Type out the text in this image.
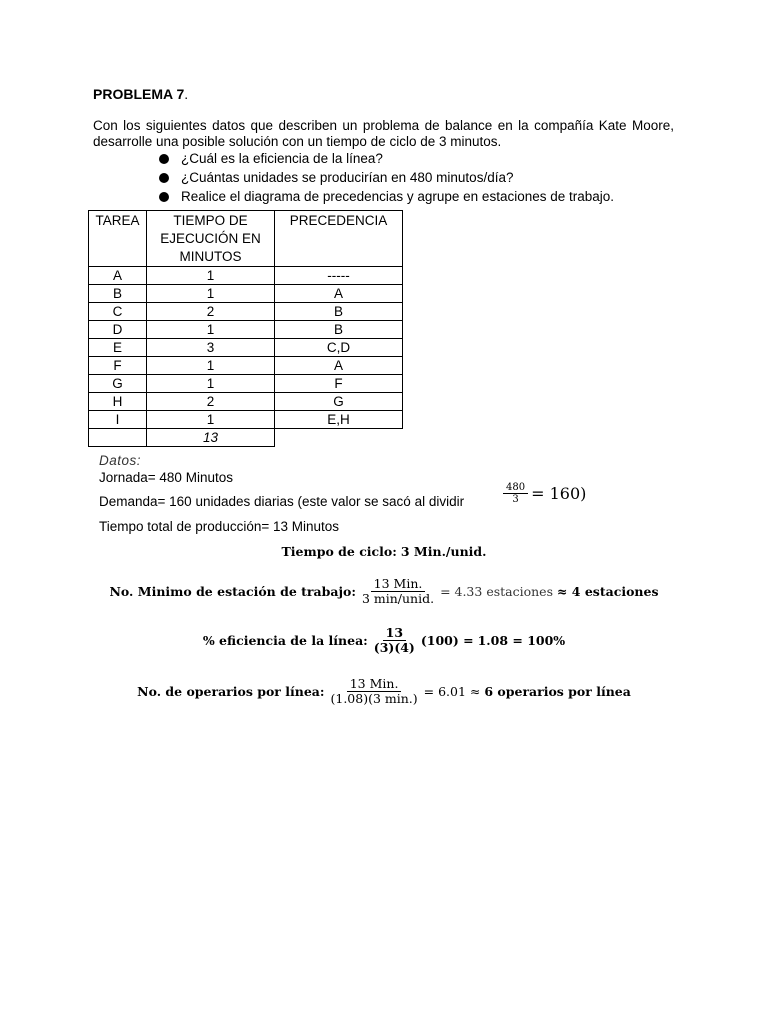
PROBLEMA 7.
Con los siguientes datos que describen un problema de balance en la compañía Kate Moore, desarrolle una posible solución con un tiempo de ciclo de 3 minutos.
¿Cuál es la eficiencia de la línea?
¿Cuántas unidades se producirían en 480 minutos/día?
Realice el diagrama de precedencias y agrupe en estaciones de trabajo.
TAREA	TIEMPO DE EJECUCIÓN EN MINUTOS	PRECEDENCIA
A	1	-----
B	1	A
C	2	B
D	1	B
E	3	C,D
F	1	A
G	1	F
H	2	G
I	1	E,H
	13	
Datos:
Jornada= 480 Minutos
Demanda= 160 unidades diarias (este valor se sacó al dividir
Tiempo total de producción= 13 Minutos
$\frac{480}{3} = 160$)
Tiempo de ciclo: 3 Min./unid.
No. Minimo de estación de trabajo: $\frac{\text{13 Min.}}{\text{3 min/unid.}} = 4.33$ estaciones
≈ 4 estaciones
% eficiencia de la línea: $\frac{13}{(3)(4)} (100)$ =
1.08 = 100%
No. de operarios por línea: $\frac{\text{13 Min.}}{(1.08)(3 \min.)} = 6.01$ ≈
6 operarios por línea
